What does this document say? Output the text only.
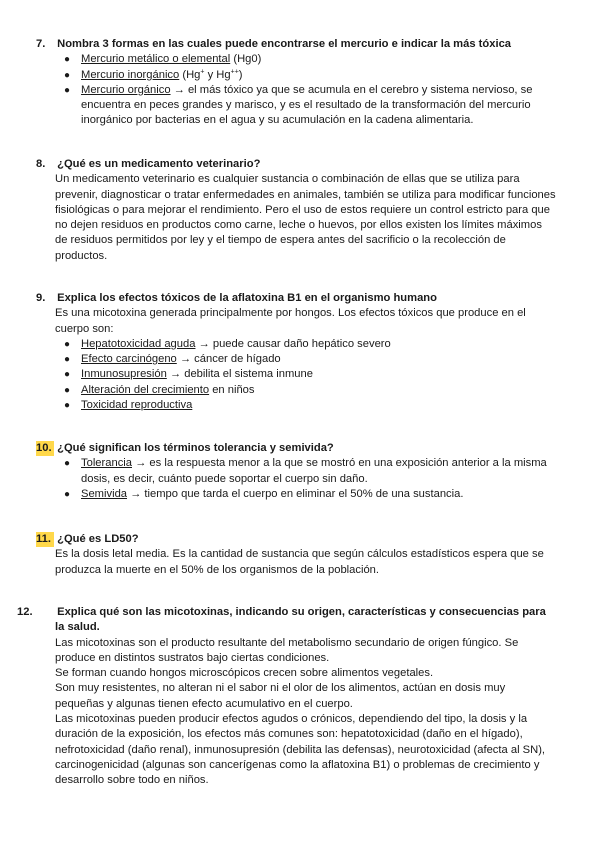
7. Nombra 3 formas en las cuales puede encontrarse el mercurio e indicar la más tóxica
● Mercurio metálico o elemental (Hg0)
● Mercurio inorgánico (Hg+ y Hg++)
● Mercurio orgánico → el más tóxico ya que se acumula en el cerebro y sistema nervioso, se encuentra en peces grandes y marisco, y es el resultado de la transformación del mercurio inorgánico por bacterias en el agua y su acumulación en la cadena alimentaria.
8. ¿Qué es un medicamento veterinario?
Un medicamento veterinario es cualquier sustancia o combinación de ellas que se utiliza para prevenir, diagnosticar o tratar enfermedades en animales, también se utiliza para modificar funciones fisiológicas o para mejorar el rendimiento. Pero el uso de estos requiere un control estricto para que no dejen residuos en productos como carne, leche o huevos, por ellos existen los límites máximos de residuos permitidos por ley y el tiempo de espera antes del sacrificio o la recolección de productos.
9. Explica los efectos tóxicos de la aflatoxina B1 en el organismo humano
Es una micotoxina generada principalmente por hongos. Los efectos tóxicos que produce en el cuerpo son:
● Hepatotoxicidad aguda → puede causar daño hepático severo
● Efecto carcinógeno → cáncer de hígado
● Inmunosupresión → debilita el sistema inmune
● Alteración del crecimiento en niños
● Toxicidad reproductiva
10. ¿Qué significan los términos tolerancia y semivida?
● Tolerancia → es la respuesta menor a la que se mostró en una exposición anterior a la misma dosis, es decir, cuánto puede soportar el cuerpo sin daño.
● Semivida → tiempo que tarda el cuerpo en eliminar el 50% de una sustancia.
11. ¿Qué es LD50?
Es la dosis letal media. Es la cantidad de sustancia que según cálculos estadísticos espera que se produzca la muerte en el 50% de los organismos de la población.
12. Explica qué son las micotoxinas, indicando su origen, características y consecuencias para la salud.
Las micotoxinas son el producto resultante del metabolismo secundario de origen fúngico. Se produce en distintos sustratos bajo ciertas condiciones.
Se forman cuando hongos microscópicos crecen sobre alimentos vegetales.
Son muy resistentes, no alteran ni el sabor ni el olor de los alimentos, actúan en dosis muy pequeñas y algunas tienen efecto acumulativo en el cuerpo.
Las micotoxinas pueden producir efectos agudos o crónicos, dependiendo del tipo, la dosis y la duración de la exposición, los efectos más comunes son: hepatotoxicidad (daño en el hígado), nefrotoxicidad (daño renal), inmunosupresión (debilita las defensas), neurotoxicidad (afecta al SN), carcinogenicidad (algunas son cancerígenas como la aflatoxina B1) o problemas de crecimiento y desarrollo sobre todo en niños.
